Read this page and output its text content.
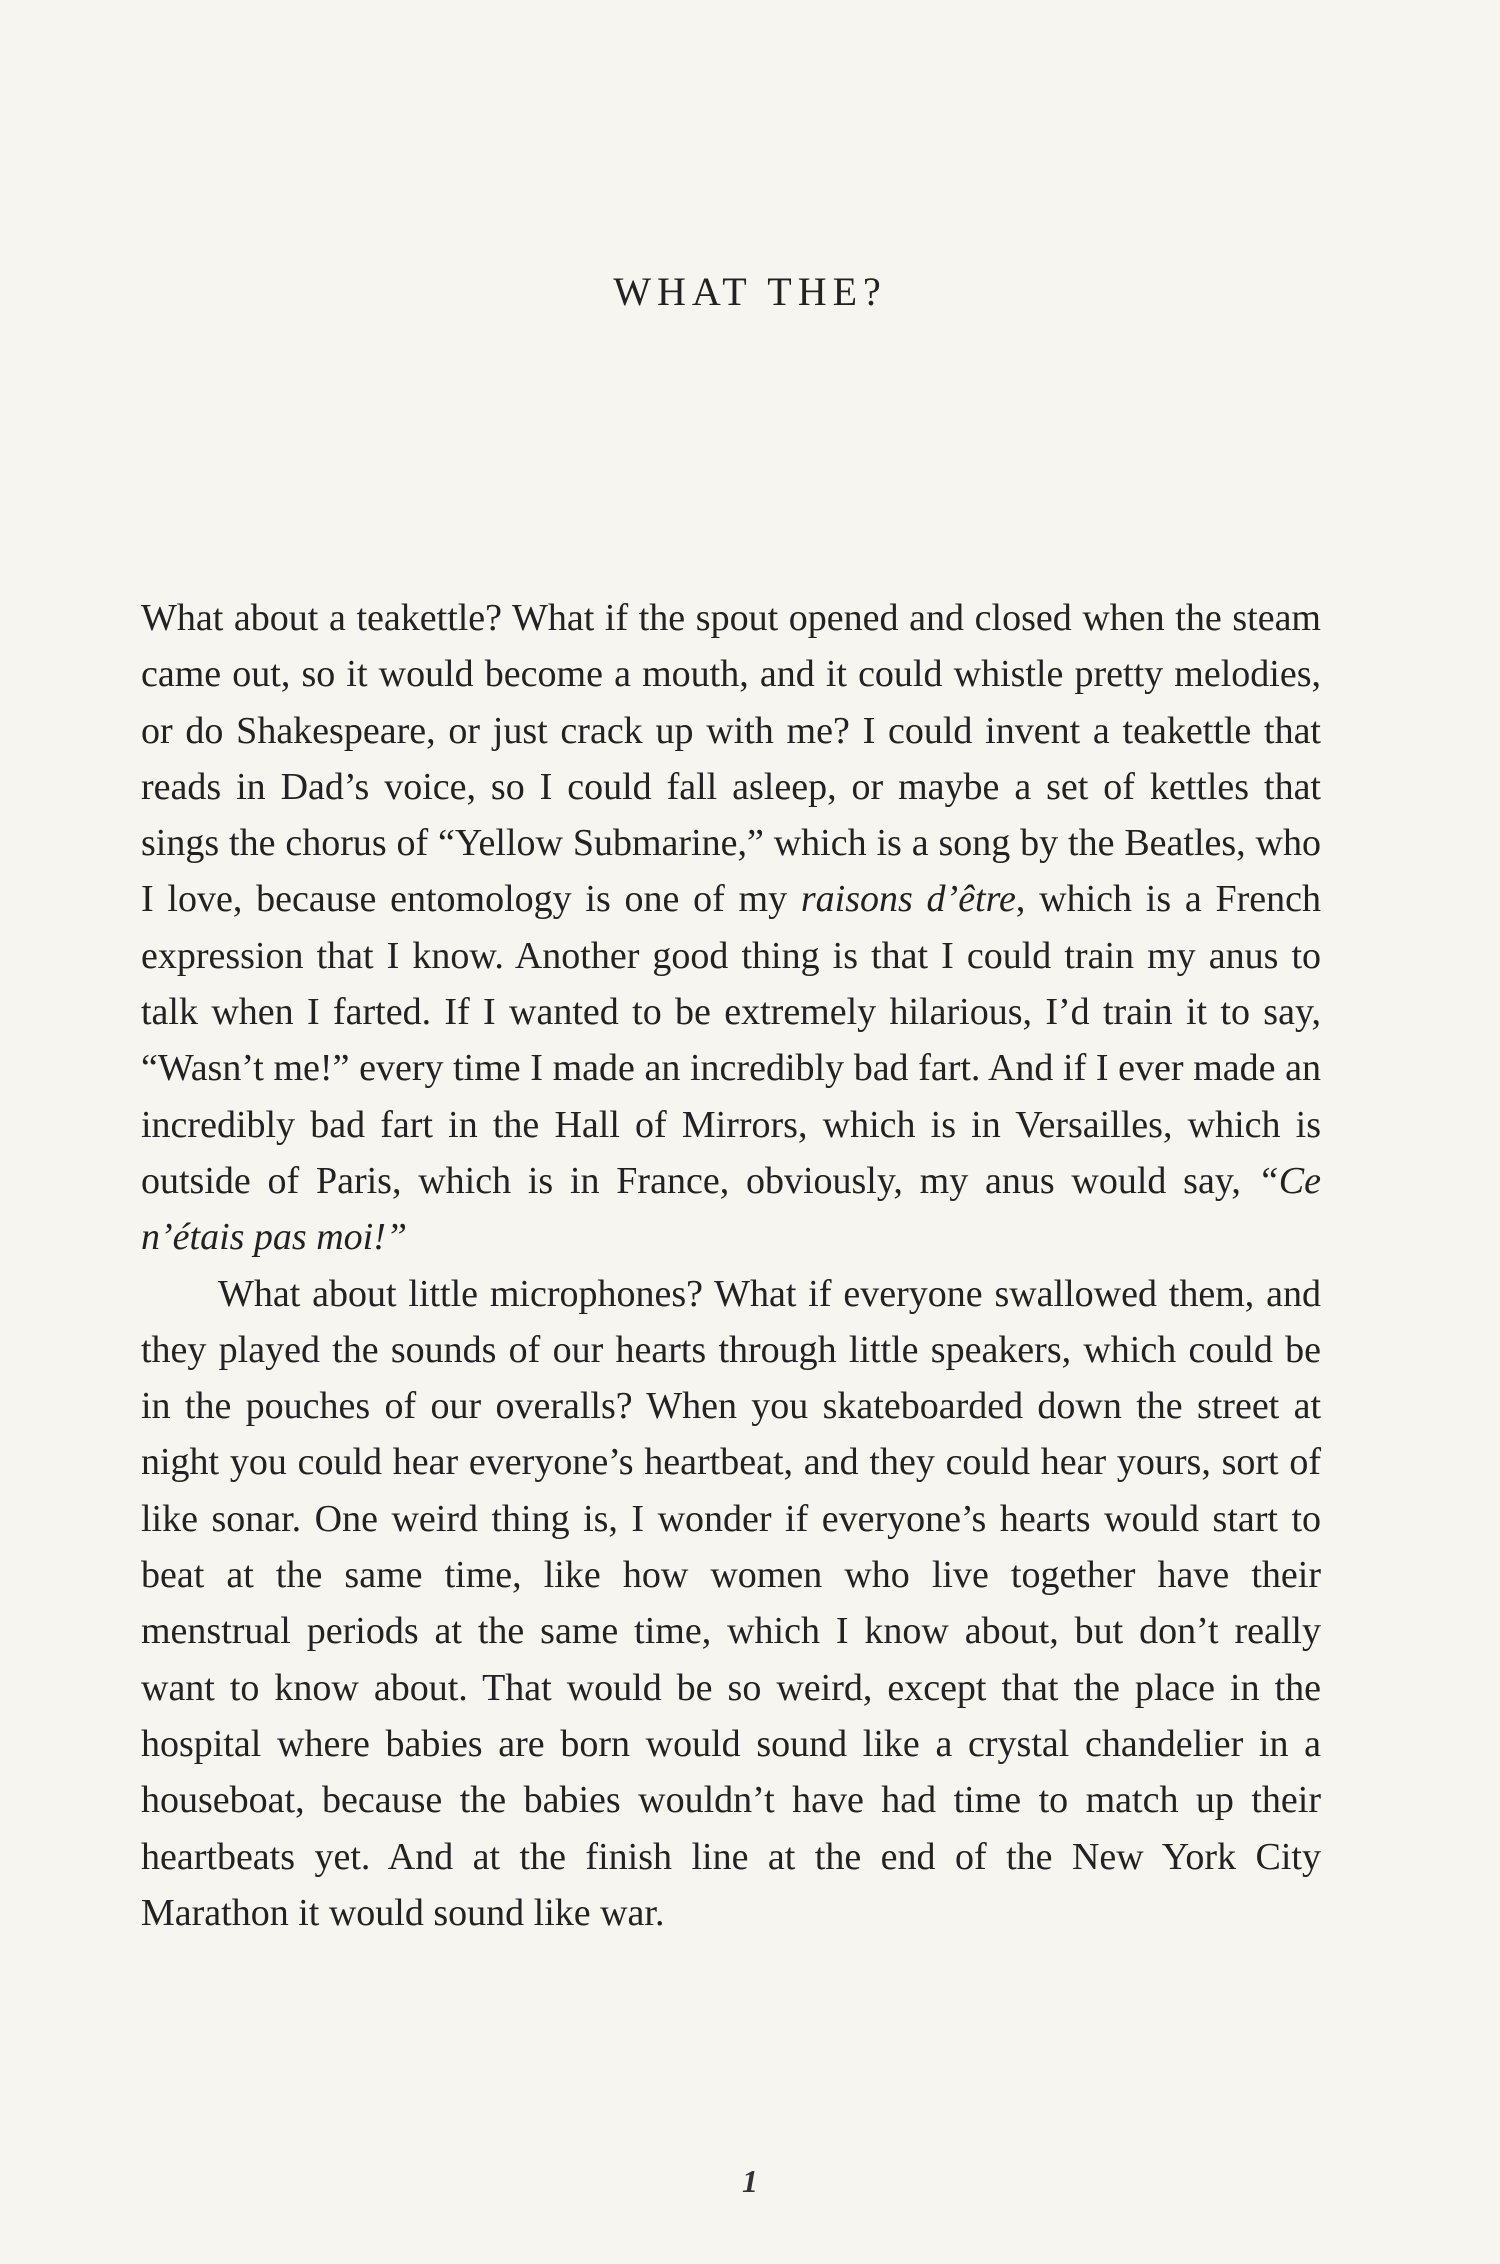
WHAT THE?

What about a teakettle? What if the spout opened and closed when the steam came out, so it would become a mouth, and it could whistle pretty melodies, or do Shakespeare, or just crack up with me? I could invent a teakettle that reads in Dad’s voice, so I could fall asleep, or maybe a set of kettles that sings the chorus of “Yellow Submarine,” which is a song by the Beatles, who I love, because entomology is one of my raisons d’être, which is a French expression that I know. Another good thing is that I could train my anus to talk when I farted. If I wanted to be extremely hilarious, I’d train it to say, “Wasn’t me!” every time I made an incredibly bad fart. And if I ever made an incredibly bad fart in the Hall of Mirrors, which is in Versailles, which is outside of Paris, which is in France, obviously, my anus would say, “Ce n’étais pas moi!”

What about little microphones? What if everyone swallowed them, and they played the sounds of our hearts through little speakers, which could be in the pouches of our overalls? When you skateboarded down the street at night you could hear everyone’s heartbeat, and they could hear yours, sort of like sonar. One weird thing is, I wonder if everyone’s hearts would start to beat at the same time, like how women who live together have their menstrual periods at the same time, which I know about, but don’t really want to know about. That would be so weird, except that the place in the hospital where babies are born would sound like a crystal chandelier in a houseboat, because the babies wouldn’t have had time to match up their heartbeats yet. And at the finish line at the end of the New York City Marathon it would sound like war.

1
